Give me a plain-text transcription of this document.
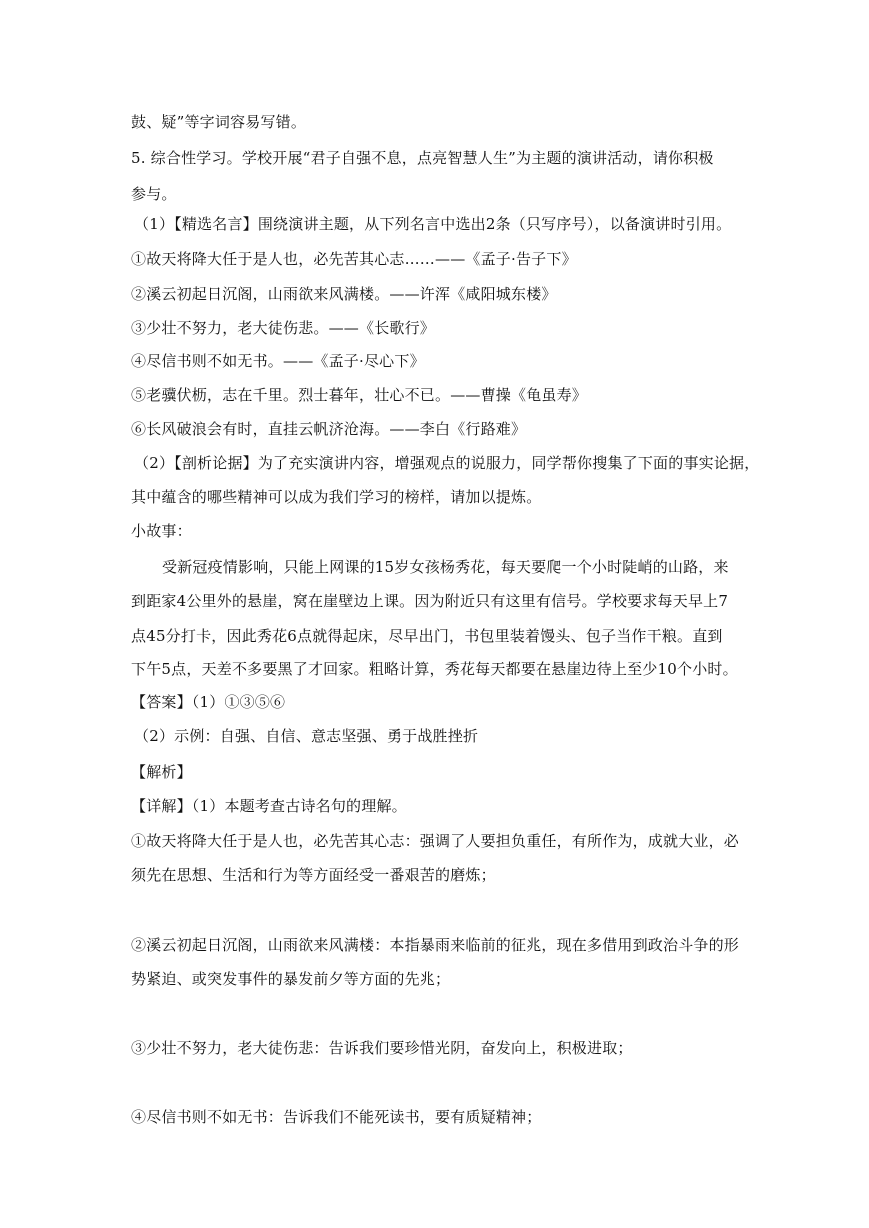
鼓、疑”等字词容易写错。
5. 综合性学习。学校开展“君子自强不息，点亮智慧人生”为主题的演讲活动，请你积极
参与。
（1）【精选名言】围绕演讲主题，从下列名言中选出2条（只写序号），以备演讲时引用。
①故天将降大任于是人也，必先苦其心志……——《孟子·告子下》
②溪云初起日沉阁，山雨欲来风满楼。——许浑《咸阳城东楼》
③少壮不努力，老大徒伤悲。——《长歌行》
④尽信书则不如无书。——《孟子·尽心下》
⑤老骥伏枥，志在千里。烈士暮年，壮心不已。——曹操《龟虽寿》
⑥长风破浪会有时，直挂云帆济沧海。——李白《行路难》
（2）【剖析论据】为了充实演讲内容，增强观点的说服力，同学帮你搜集了下面的事实论据，
其中蕴含的哪些精神可以成为我们学习的榜样，请加以提炼。
小故事：
受新冠疫情影响，只能上网课的15岁女孩杨秀花，每天要爬一个小时陡峭的山路，来
到距家4公里外的悬崖，窝在崖壁边上课。因为附近只有这里有信号。学校要求每天早上7
点45分打卡，因此秀花6点就得起床，尽早出门，书包里装着馒头、包子当作干粮。直到
下午5点，天差不多要黑了才回家。粗略计算，秀花每天都要在悬崖边待上至少10个小时。
【答案】（1）①③⑤⑥
（2）示例：自强、自信、意志坚强、勇于战胜挫折
【解析】
【详解】（1）本题考查古诗名句的理解。
①故天将降大任于是人也，必先苦其心志：强调了人要担负重任，有所作为，成就大业，必
须先在思想、生活和行为等方面经受一番艰苦的磨炼；
②溪云初起日沉阁，山雨欲来风满楼：本指暴雨来临前的征兆，现在多借用到政治斗争的形
势紧迫、或突发事件的暴发前夕等方面的先兆；
③少壮不努力，老大徒伤悲：告诉我们要珍惜光阴，奋发向上，积极进取；
④尽信书则不如无书：告诉我们不能死读书，要有质疑精神；
